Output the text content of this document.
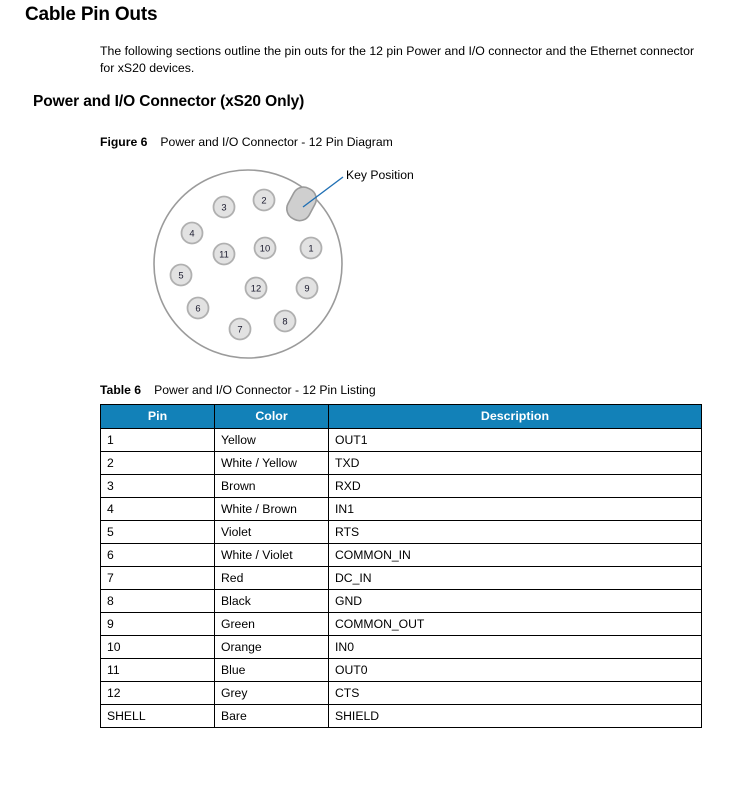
Cable Pin Outs
The following sections outline the pin outs for the 12 pin Power and I/O connector and the Ethernet connector for xS20 devices.
Power and I/O Connector (xS20 Only)
Figure 6 Power and I/O Connector - 12 Pin Diagram
Key Position
1
2
3
4
5
6
7
8
9
10
11
12
Table 6 Power and I/O Connector - 12 Pin Listing
Pin	Color	Description
1	Yellow	OUT1
2	White / Yellow	TXD
3	Brown	RXD
4	White / Brown	IN1
5	Violet	RTS
6	White / Violet	COMMON_IN
7	Red	DC_IN
8	Black	GND
9	Green	COMMON_OUT
10	Orange	IN0
11	Blue	OUT0
12	Grey	CTS
SHELL	Bare	SHIELD
